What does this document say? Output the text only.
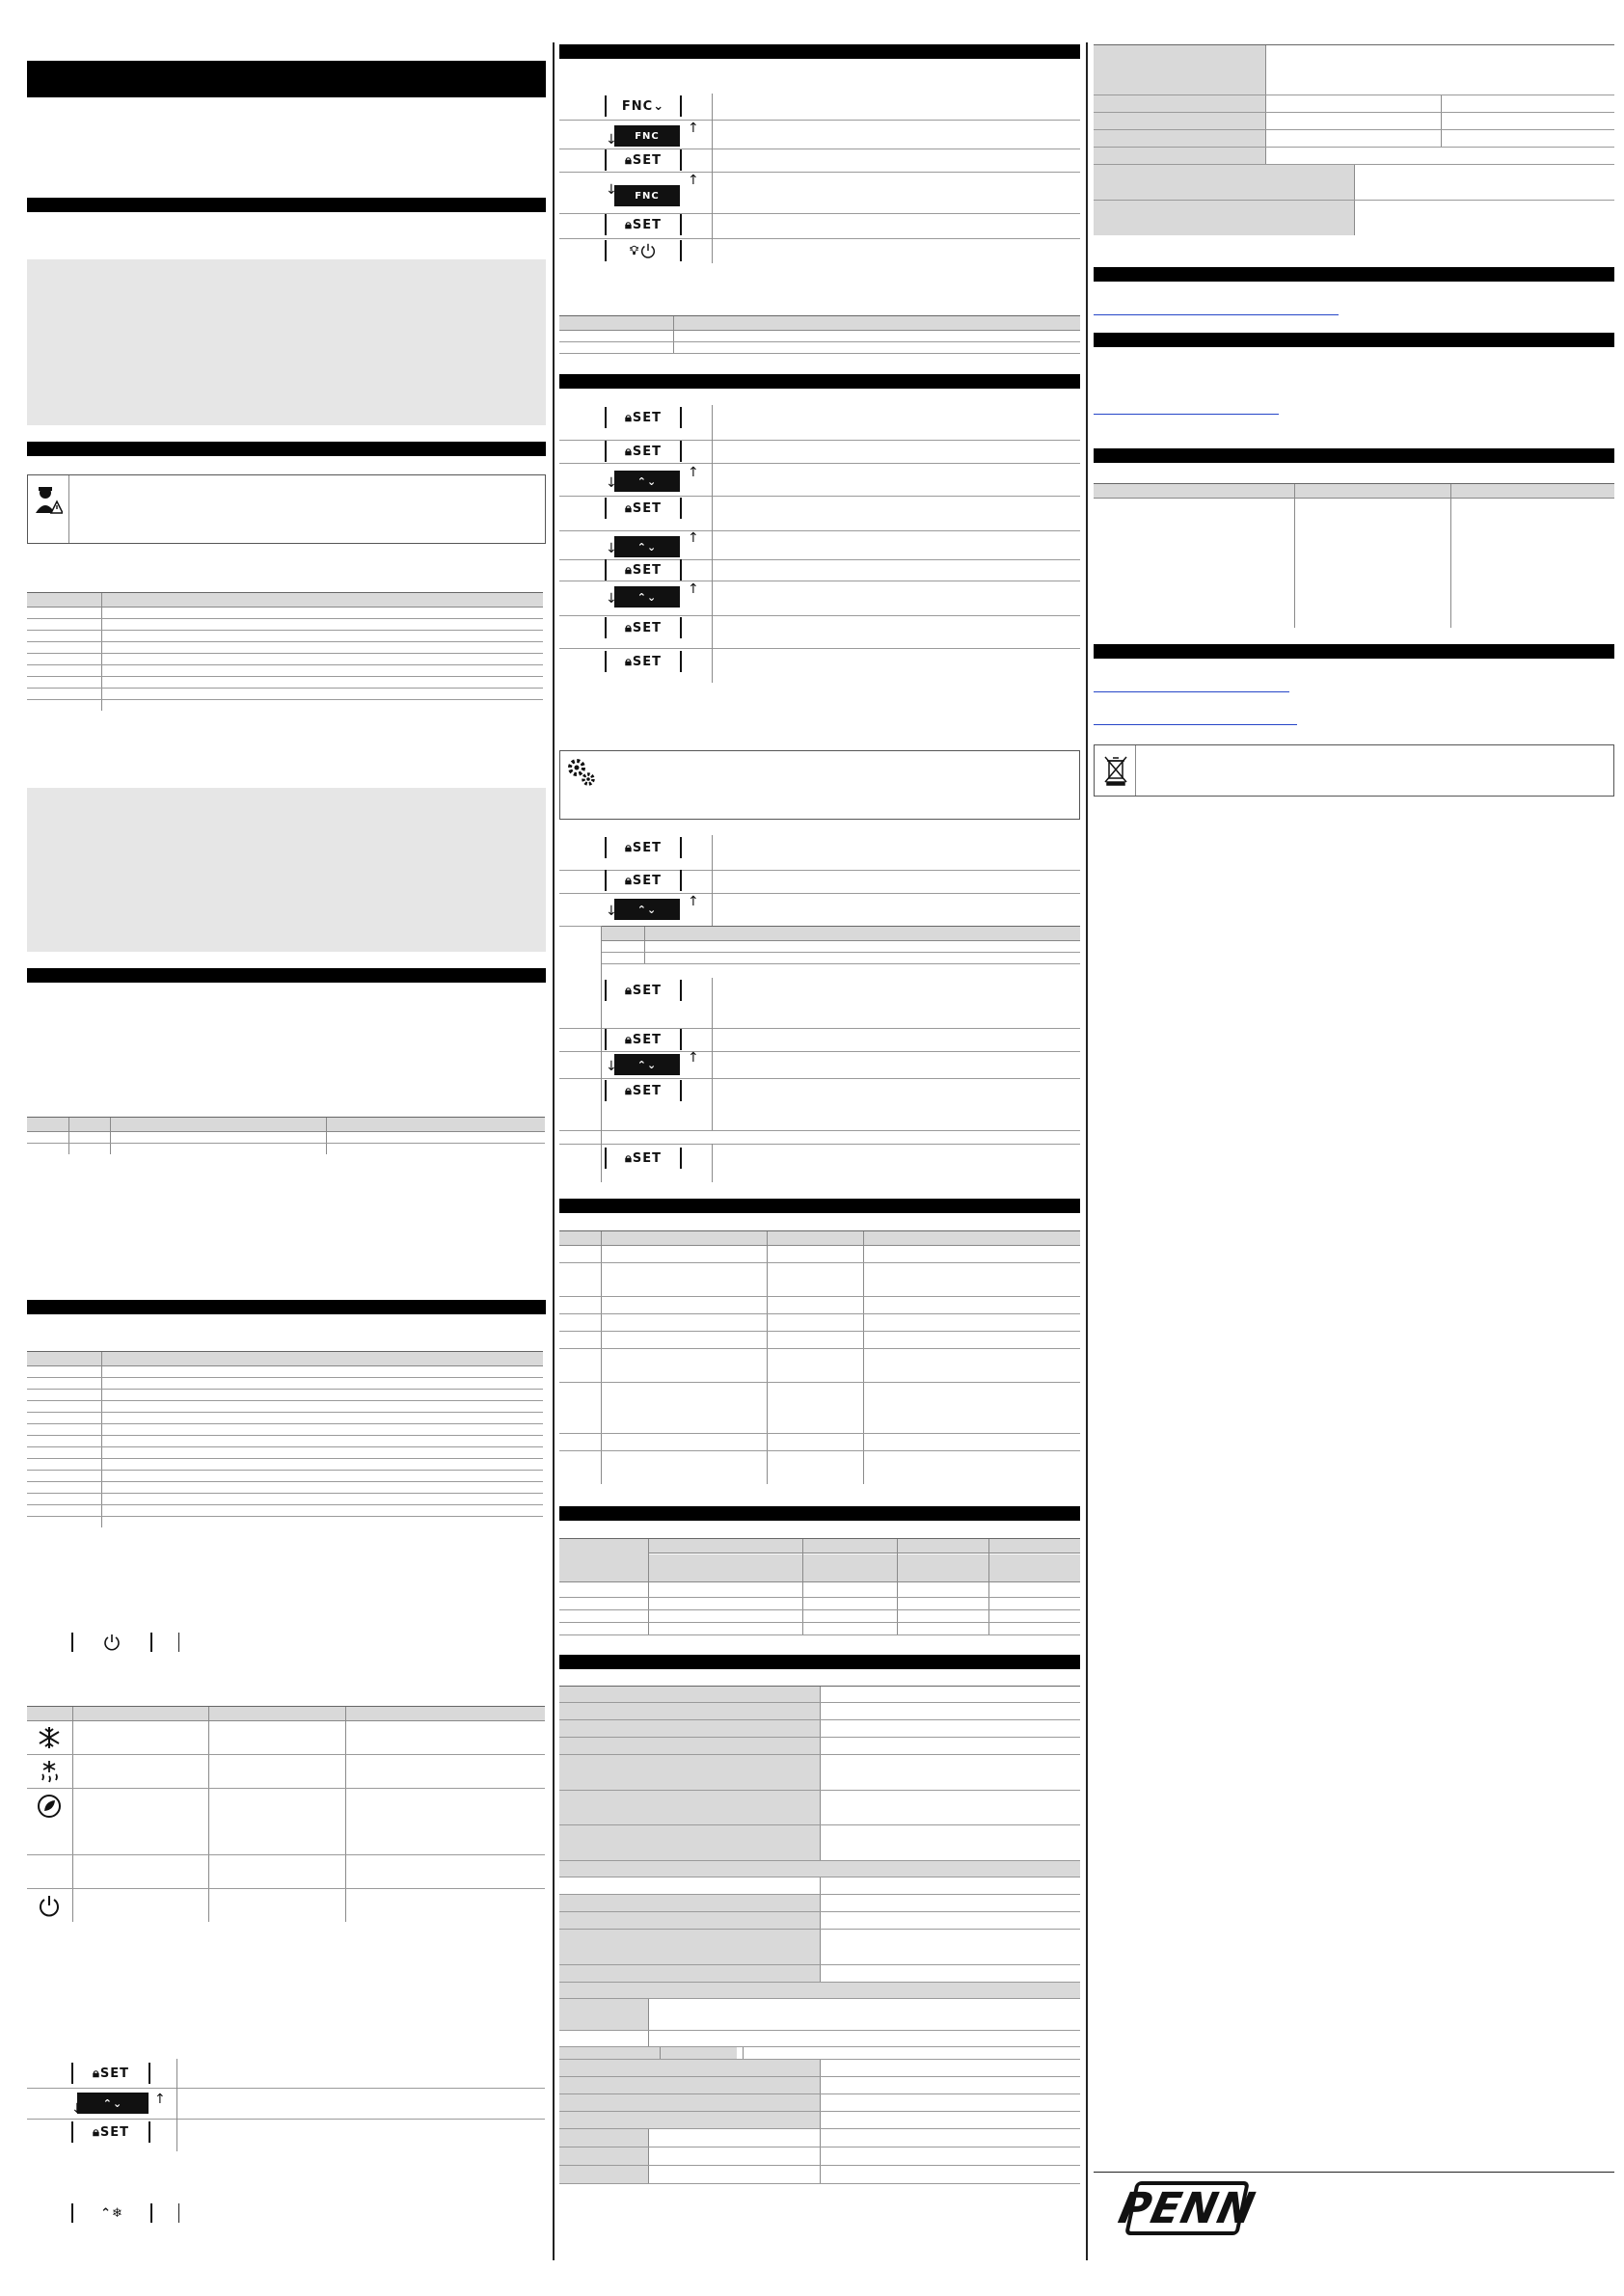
🔒︎ SET
⌃⌄
↓
↑
🔒︎ SET
⌃❄
FNC ⌄
FNC
↓
↑
🔒︎ SET
FNC
↓
↑
🔒︎ SET
💡︎
🔒︎ SET
🔒︎ SET
⌃⌄
↓
↑
🔒︎ SET
⌃⌄
↓
↑
🔒︎ SET
⌃⌄
↓
↑
🔒︎ SET
🔒︎ SET
🔒︎ SET
🔒︎ SET
⌃⌄
↓
↑
🔒︎ SET
🔒︎ SET
⌃⌄
↓
↑
🔒︎ SET
🔒︎ SET
PENN
